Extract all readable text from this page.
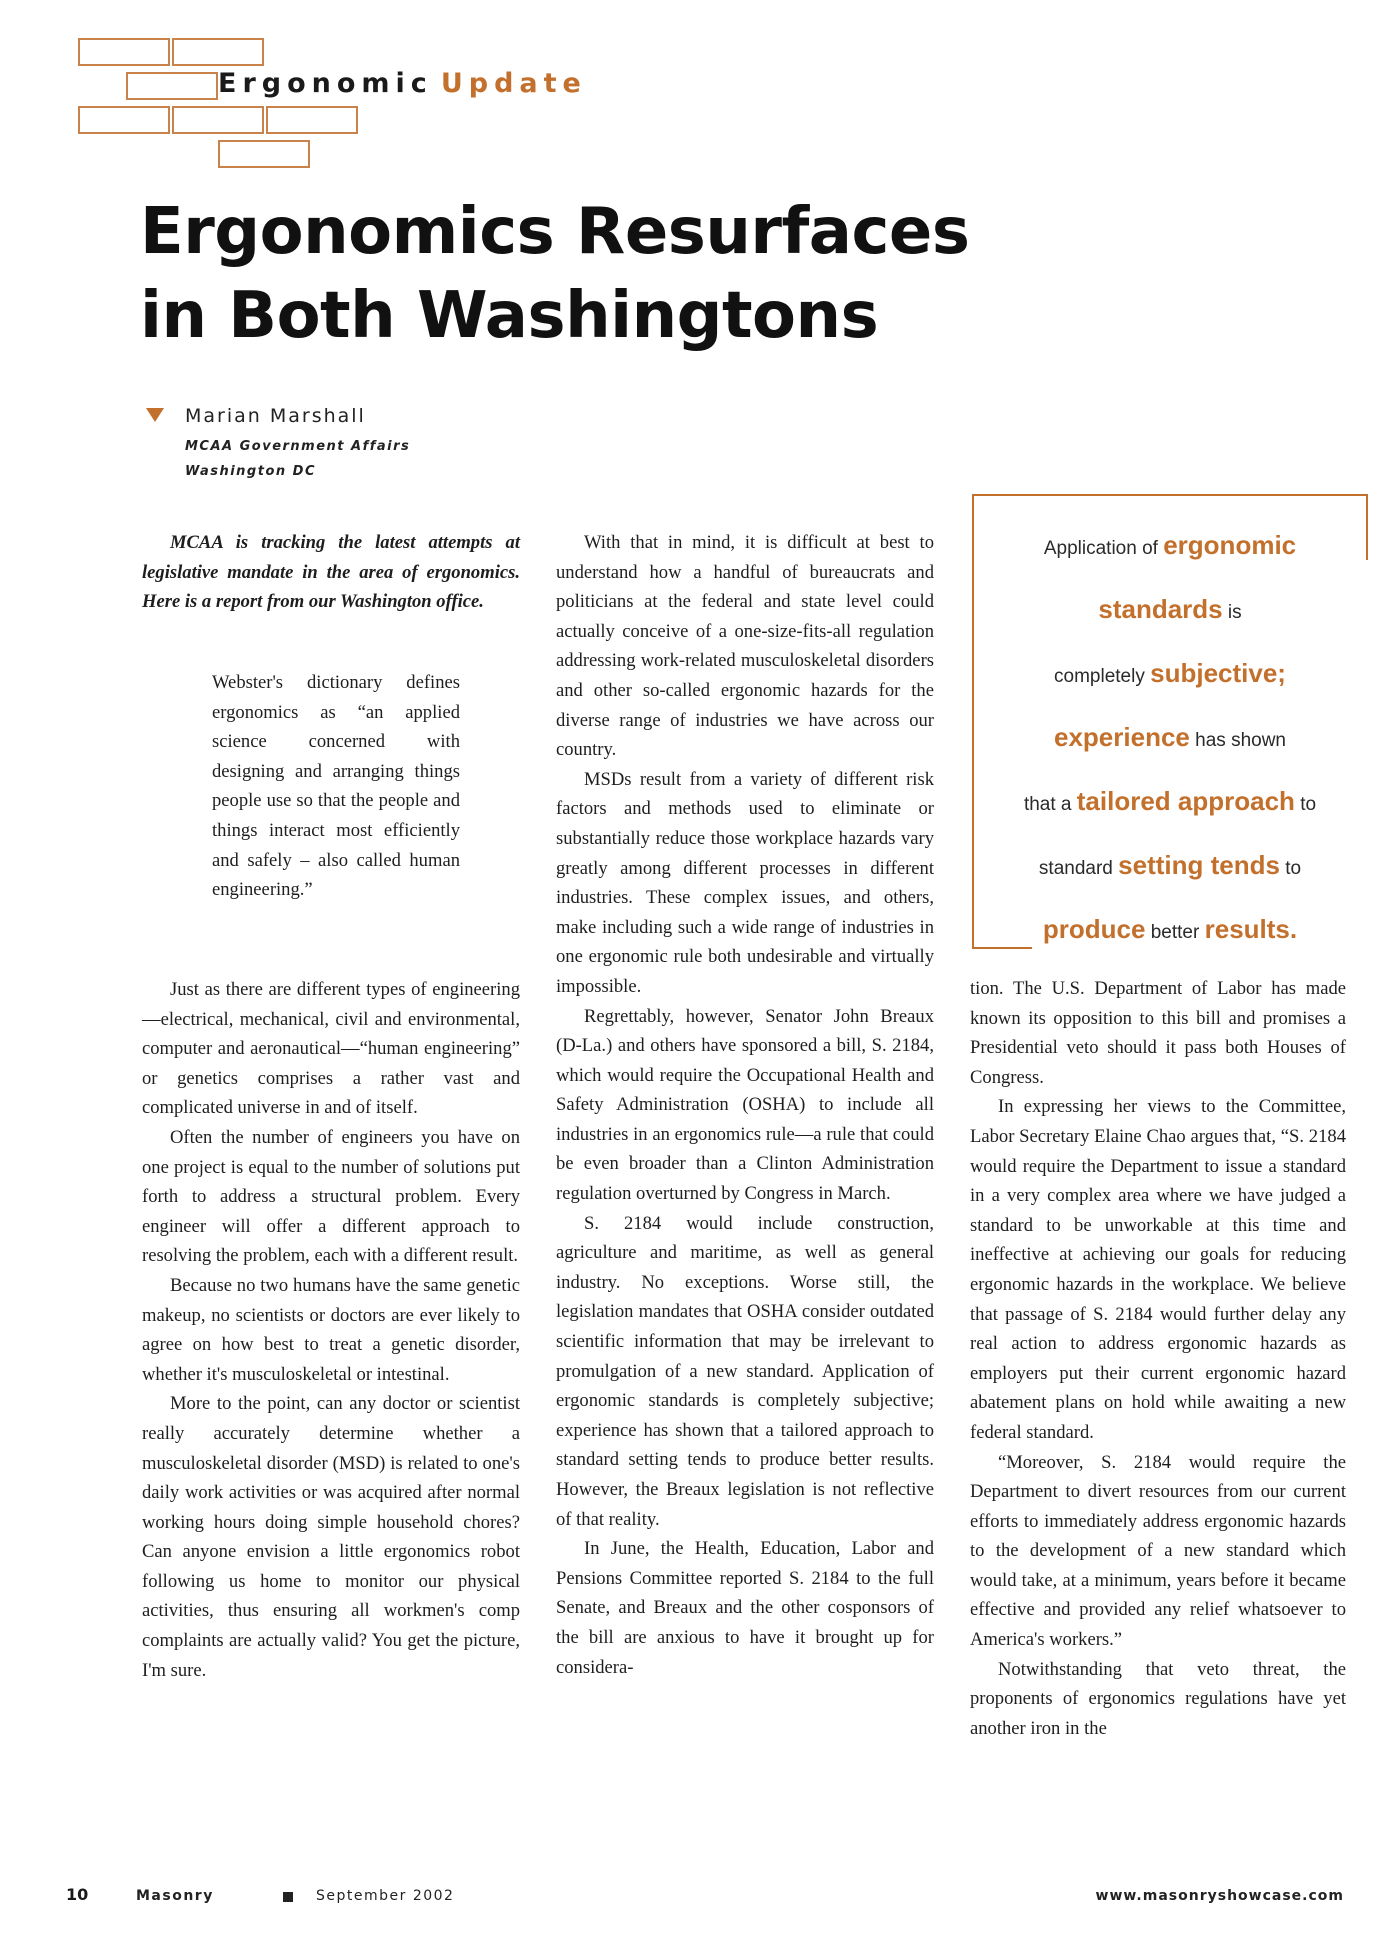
Ergonomic Update
Ergonomics Resurfaces
in Both Washingtons
Marian Marshall
MCAA Government Affairs
Washington DC

MCAA is tracking the latest attempts at legislative mandate in the area of ergonomics. Here is a report from our Washington office.

Webster's dictionary defines ergonomics as “an applied science concerned with designing and arranging things people use so that the people and things interact most efficiently and safely – also called human engineering.”

Just as there are different types of engineering—electrical, mechanical, civil and environmental, computer and aeronautical—“human engineering” or genetics comprises a rather vast and complicated universe in and of itself.

Often the number of engineers you have on one project is equal to the number of solutions put forth to address a structural problem. Every engineer will offer a different approach to resolving the problem, each with a different result.

Because no two humans have the same genetic makeup, no scientists or doctors are ever likely to agree on how best to treat a genetic disorder, whether it's musculoskeletal or intestinal.

More to the point, can any doctor or scientist really accurately determine whether a musculoskeletal disorder (MSD) is related to one's daily work activities or was acquired after normal working hours doing simple household chores? Can anyone envision a little ergonomics robot following us home to monitor our physical activities, thus ensuring all workmen's comp complaints are actually valid? You get the picture, I'm sure.

With that in mind, it is difficult at best to understand how a handful of bureaucrats and politicians at the federal and state level could actually conceive of a one-size-fits-all regulation addressing work-related musculoskeletal disorders and other so-called ergonomic hazards for the diverse range of industries we have across our country.

MSDs result from a variety of different risk factors and methods used to eliminate or substantially reduce those workplace hazards vary greatly among different processes in different industries. These complex issues, and others, make including such a wide range of industries in one ergonomic rule both undesirable and virtually impossible.

Regrettably, however, Senator John Breaux (D-La.) and others have sponsored a bill, S. 2184, which would require the Occupational Health and Safety Administration (OSHA) to include all industries in an ergonomics rule—a rule that could be even broader than a Clinton Administration regulation overturned by Congress in March.

S. 2184 would include construction, agriculture and maritime, as well as general industry. No exceptions. Worse still, the legislation mandates that OSHA consider outdated scientific information that may be irrelevant to promulgation of a new standard. Application of ergonomic standards is completely subjective; experience has shown that a tailored approach to standard setting tends to produce better results. However, the Breaux legislation is not reflective of that reality.

In June, the Health, Education, Labor and Pensions Committee reported S. 2184 to the full Senate, and Breaux and the other cosponsors of the bill are anxious to have it brought up for considera-

Application of ergonomic
standards is
completely subjective;
experience has shown
that a tailored approach to
standard setting tends to
produce better results.

tion. The U.S. Department of Labor has made known its opposition to this bill and promises a Presidential veto should it pass both Houses of Congress.

In expressing her views to the Committee, Labor Secretary Elaine Chao argues that, “S. 2184 would require the Department to issue a standard in a very complex area where we have judged a standard to be unworkable at this time and ineffective at achieving our goals for reducing ergonomic hazards in the workplace. We believe that passage of S. 2184 would further delay any real action to address ergonomic hazards as employers put their current ergonomic hazard abatement plans on hold while awaiting a new federal standard.

“Moreover, S. 2184 would require the Department to divert resources from our current efforts to immediately address ergonomic hazards to the development of a new standard which would take, at a minimum, years before it became effective and provided any relief whatsoever to America's workers.”

Notwithstanding that veto threat, the proponents of ergonomics regulations have yet another iron in the

10	Masonry	September 2002	www.masonryshowcase.com
